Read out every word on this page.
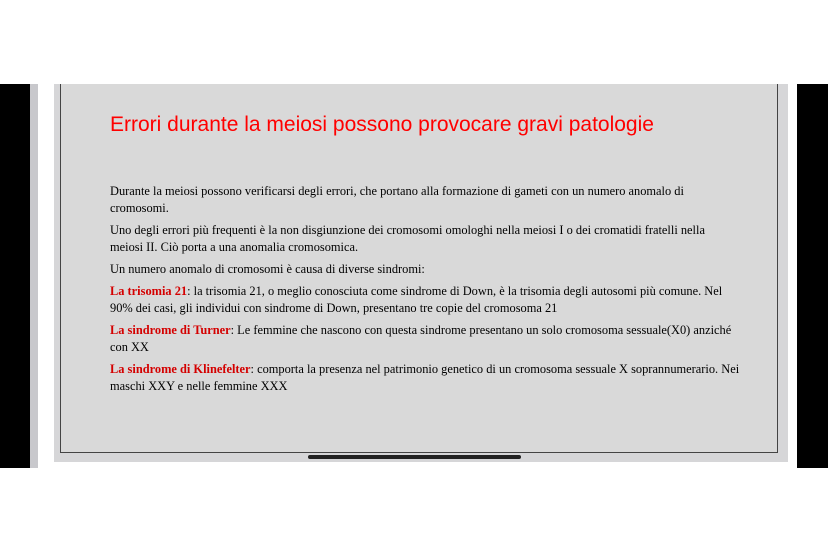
Errori durante la meiosi possono provocare gravi patologie

Durante la meiosi possono verificarsi degli errori, che portano alla formazione di gameti con un numero anomalo di cromosomi.

Uno degli errori più frequenti è la non disgiunzione dei cromosomi omologhi nella meiosi I o dei cromatidi fratelli nella meiosi II. Ciò porta a una anomalia cromosomica.

Un numero anomalo di cromosomi è causa di diverse sindromi:

La trisomia 21: la trisomia 21, o meglio conosciuta come sindrome di Down, è la trisomia degli autosomi più comune. Nel 90% dei casi, gli individui con sindrome di Down, presentano tre copie del cromosoma 21

La sindrome di Turner: Le femmine che nascono con questa sindrome presentano un solo cromosoma sessuale(X0) anziché con XX

La sindrome di Klinefelter: comporta la presenza nel patrimonio genetico di un cromosoma sessuale X soprannumerario. Nei maschi XXY e nelle femmine XXX
